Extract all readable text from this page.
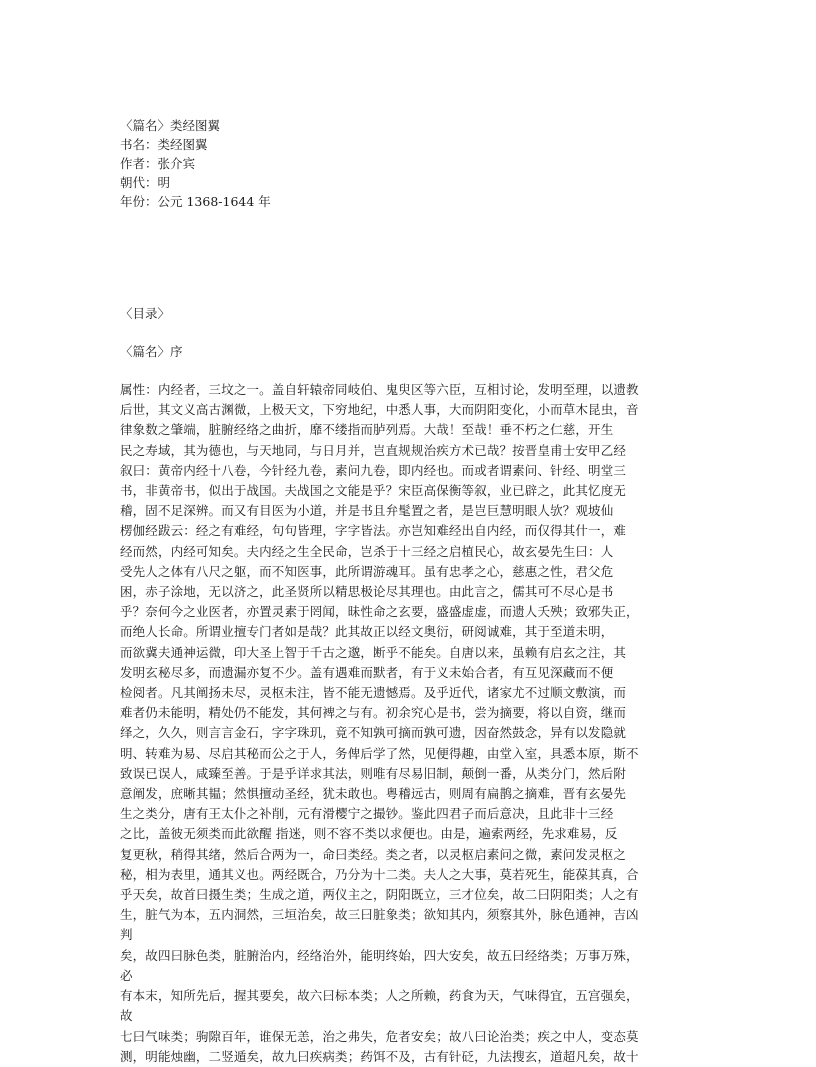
〈篇名〉类经图翼
书名：类经图翼
作者：张介宾
朝代：明
年份：公元 1368-1644 年
〈目录〉
〈篇名〉序
属性：内经者，三坟之一。盖自轩辕帝同岐伯、鬼臾区等六臣，互相讨论，发明至理，以遗教
后世，其文义高古渊微，上极天文，下穷地纪，中悉人事，大而阴阳变化，小而草木昆虫，音
律象数之肇端，脏腑经络之曲折，靡不缕指而胪列焉。大哉！至哉！垂不朽之仁慈，开生
民之寿域，其为德也，与天地同，与日月并，岂直规规治疾方术已哉？按晋皇甫士安甲乙经
叙曰：黄帝内经十八卷，今针经九卷，素问九卷，即内经也。而或者谓素问、针经、明堂三
书，非黄帝书，似出于战国。夫战国之文能是乎？宋臣高保衡等叙，业已辟之，此其忆度无
稽，固不足深辨。而又有目医为小道，并是书且弁髦置之者，是岂巨慧明眼人欤？观坡仙
楞伽经跋云：经之有难经，句句皆理，字字皆法。亦岂知难经出自内经，而仅得其什一，难
经而然，内经可知矣。夫内经之生全民命，岂杀于十三经之启植民心，故玄晏先生曰：人
受先人之体有八尺之躯，而不知医事，此所谓游魂耳。虽有忠孝之心，慈惠之性，君父危
困，赤子涂地，无以济之，此圣贤所以精思极论尽其理也。由此言之，儒其可不尽心是书
乎？奈何今之业医者，亦置灵素于罔闻，昧性命之玄要，盛盛虚虚，而遗人夭殃；致邪失正，
而绝人长命。所谓业擅专门者如是哉？此其故正以经文奥衍，研阅诚难，其于至道未明，
而欲冀夫通神运微，印大圣上智于千古之邈，断乎不能矣。自唐以来，虽赖有启玄之注，其
发明玄秘尽多，而遗漏亦复不少。盖有遇难而默者，有于义未始合者，有互见深藏而不便
检阅者。凡其阐扬未尽，灵枢未注，皆不能无遗憾焉。及乎近代，诸家尤不过顺文敷演，而
难者仍未能明，精处仍不能发，其何裨之与有。初余究心是书，尝为摘要，将以自资，继而
绎之，久久，则言言金石，字字珠玑，竟不知孰可摘而孰可遗，因奋然鼓念，异有以发隐就
明、转难为易、尽启其秘而公之于人，务俾后学了然，见便得趣，由堂入室，具悉本原，斯不
致误已误人，咸臻至善。于是乎详求其法，则唯有尽易旧制，颠倒一番，从类分门，然后附
意阐发，庶晰其韫；然惧擅动圣经，犹未敢也。粤稽远古，则周有扁鹊之摘难，晋有玄晏先
生之类分，唐有王太仆之补削，元有滑樱宁之撮钞。鉴此四君子而后意决，且此非十三经
之比，盖彼无须类而此欲醒 指迷，则不容不类以求便也。由是，遍索两经，先求难易，反
复更秋，稍得其绪，然后合两为一，命曰类经。类之者，以灵枢启素问之微，素问发灵枢之
秘，相为表里，通其义也。两经既合，乃分为十二类。夫人之大事，莫若死生，能葆其真，合
乎天矣，故首曰摄生类；生成之道，两仪主之，阴阳既立，三才位矣，故二曰阴阳类；人之有
生，脏气为本，五内洞然，三垣治矣，故三曰脏象类；欲知其内，须察其外，脉色通神，吉凶
判
矣，故四曰脉色类，脏腑治内，经络治外，能明终始，四大安矣，故五曰经络类；万事万殊，
必
有本末，知所先后，握其要矣，故六曰标本类；人之所赖，药食为天，气味得宜，五宫强矣，
故
七曰气味类；驹隙百年，谁保无恙，治之弗失，危者安矣；故八曰论治类；疾之中人，变态莫
测，明能烛幽，二竖遁矣，故九曰疾病类；药饵不及，古有针砭，九法搜玄，道超凡矣，故十
